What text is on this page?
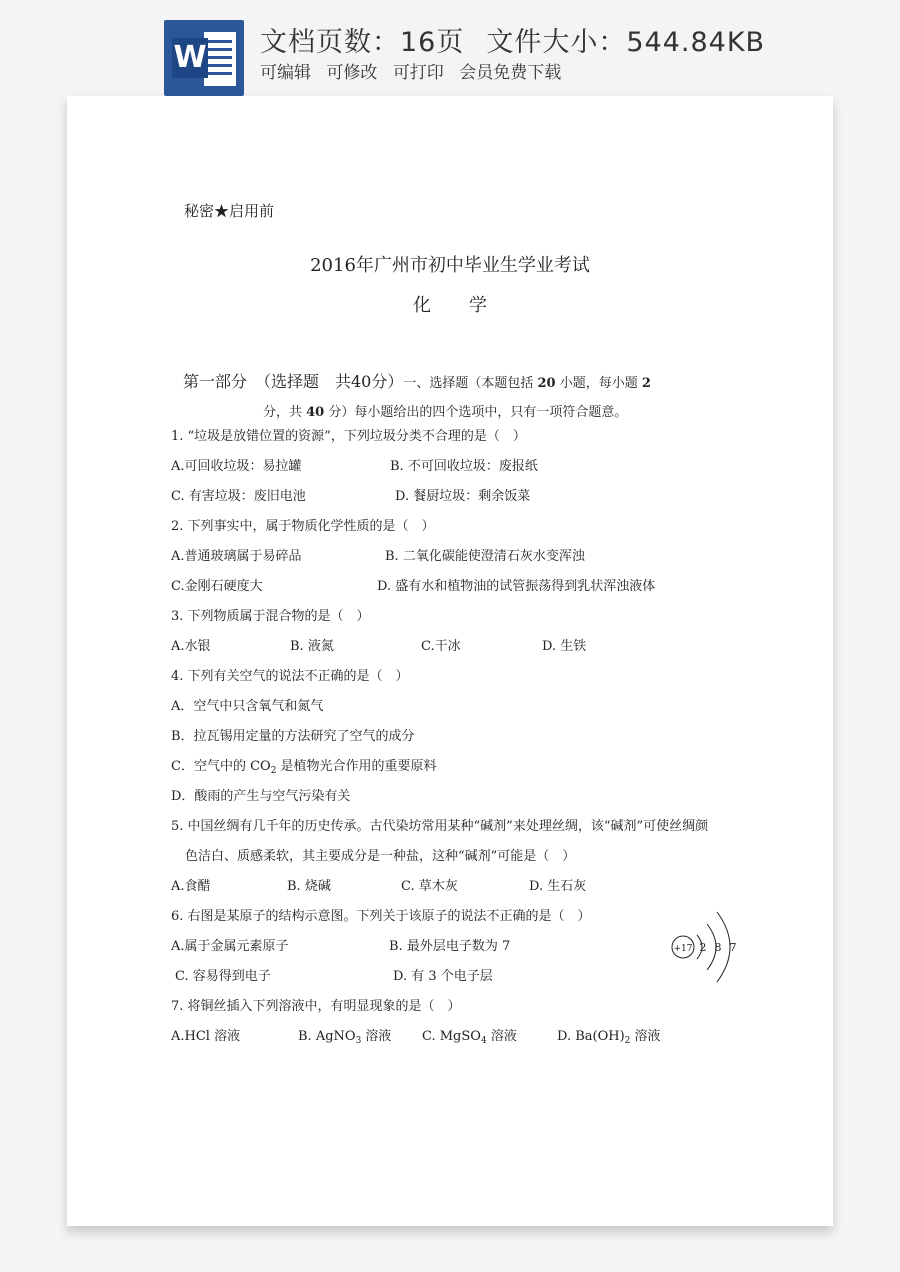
W 文档页数：16页 文件大小：544.84KB
可编辑 可修改 可打印 会员免费下载
秘密★启用前
2016年广州市初中毕业生学业考试
化学
第一部分　（选择题　共40分）一、选择题（本题包括 20 小题，每小题 2
分，共 40 分）每小题给出的四个选项中，只有一项符合题意。
1. “垃圾是放错位置的资源”，下列垃圾分类不合理的是（　）
A.可回收垃圾：易拉罐	B. 不可回收垃圾：废报纸
C. 有害垃圾：废旧电池	D. 餐厨垃圾：剩余饭菜
2. 下列事实中，属于物质化学性质的是（　）
A.普通玻璃属于易碎品	B. 二氧化碳能使澄清石灰水变浑浊
C.金刚石硬度大	D. 盛有水和植物油的试管振荡得到乳状浑浊液体
3. 下列物质属于混合物的是（　）
A.水银	B. 液氮	C.干冰	D. 生铁
4. 下列有关空气的说法不正确的是（　）
A．空气中只含氧气和氮气
B．拉瓦锡用定量的方法研究了空气的成分
C．空气中的 $CO_2$ 是植物光合作用的重要原料
D．酸雨的产生与空气污染有关
5. 中国丝绸有几千年的历史传承。古代染坊常用某种“碱剂”来处理丝绸，该“碱剂”可使丝绸颜
色洁白、质感柔软，其主要成分是一种盐，这种“碱剂”可能是（　）
A.食醋	B. 烧碱	C. 草木灰	D. 生石灰
6. 右图是某原子的结构示意图。下列关于该原子的说法不正确的是（　）
A.属于金属元素原子	B. 最外层电子数为 7
C. 容易得到电子	D. 有 3 个电子层
+17 2 8 7
7. 将铜丝插入下列溶液中，有明显现象的是（　）
A.HCl 溶液	B. AgNO$_3$ 溶液 C. MgSO$_4$ 溶液	D. $Ba(OH)_2$ 溶液
